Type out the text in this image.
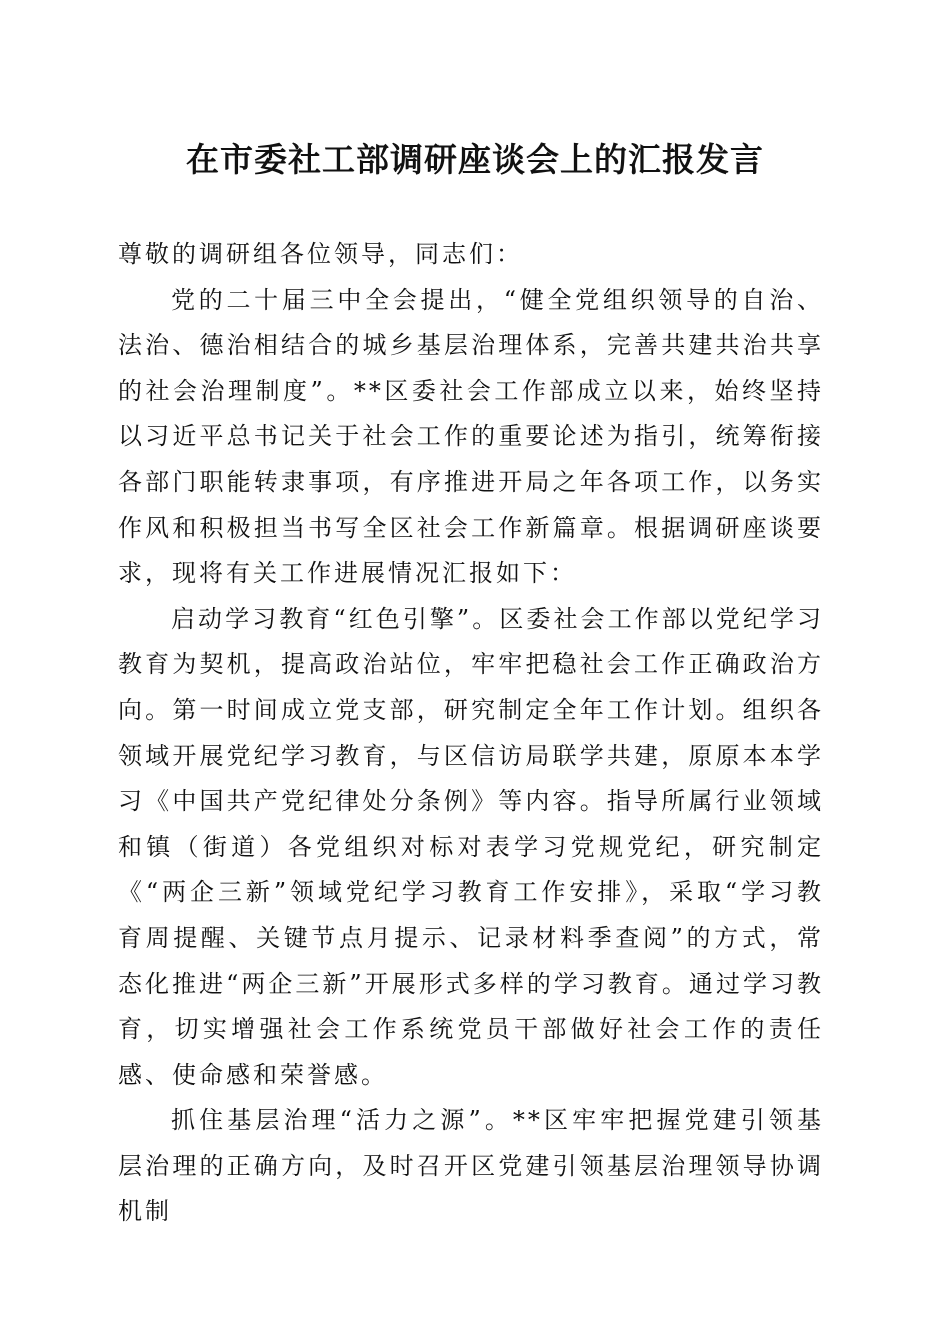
在市委社工部调研座谈会上的汇报发言

尊敬的调研组各位领导，同志们：

党的二十届三中全会提出，“健全党组织领导的自治、法治、德治相结合的城乡基层治理体系，完善共建共治共享的社会治理制度”。**区委社会工作部成立以来，始终坚持以习近平总书记关于社会工作的重要论述为指引，统筹衔接各部门职能转隶事项，有序推进开局之年各项工作，以务实作风和积极担当书写全区社会工作新篇章。根据调研座谈要求，现将有关工作进展情况汇报如下：

启动学习教育“红色引擎”。区委社会工作部以党纪学习教育为契机，提高政治站位，牢牢把稳社会工作正确政治方向。第一时间成立党支部，研究制定全年工作计划。组织各领域开展党纪学习教育，与区信访局联学共建，原原本本学习《中国共产党纪律处分条例》等内容。指导所属行业领域和镇（街道）各党组织对标对表学习党规党纪，研究制定《“两企三新”领域党纪学习教育工作安排》，采取“学习教育周提醒、关键节点月提示、记录材料季查阅”的方式，常态化推进“两企三新”开展形式多样的学习教育。通过学习教育，切实增强社会工作系统党员干部做好社会工作的责任感、使命感和荣誉感。

抓住基层治理“活力之源”。**区牢牢把握党建引领基层治理的正确方向，及时召开区党建引领基层治理领导协调机制
